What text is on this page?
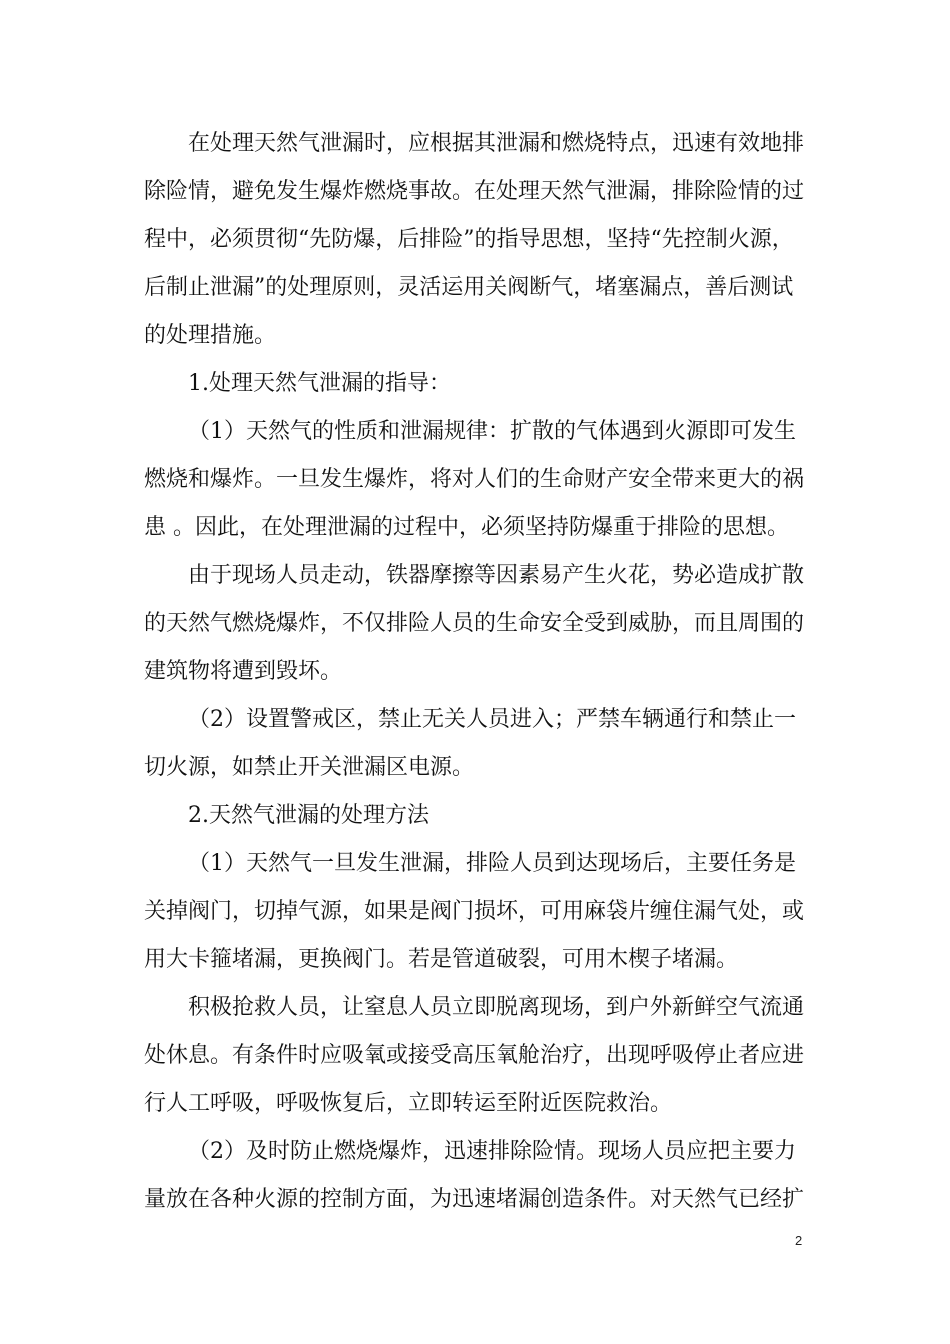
在处理天然气泄漏时，应根据其泄漏和燃烧特点，迅速有效地排
除险情，避免发生爆炸燃烧事故。在处理天然气泄漏，排除险情的过
程中，必须贯彻“先防爆，后排险”的指导思想，坚持“先控制火源，
后制止泄漏”的处理原则，灵活运用关阀断气，堵塞漏点，善后测试
的处理措施。

1.处理天然气泄漏的指导：

（1）天然气的性质和泄漏规律：扩散的气体遇到火源即可发生
燃烧和爆炸。一旦发生爆炸，将对人们的生命财产安全带来更大的祸
患 。因此，在处理泄漏的过程中，必须坚持防爆重于排险的思想。

由于现场人员走动，铁器摩擦等因素易产生火花，势必造成扩散
的天然气燃烧爆炸，不仅排险人员的生命安全受到威胁，而且周围的
建筑物将遭到毁坏。

（2）设置警戒区，禁止无关人员进入；严禁车辆通行和禁止一
切火源，如禁止开关泄漏区电源。

2.天然气泄漏的处理方法

（1）天然气一旦发生泄漏，排险人员到达现场后，主要任务是
关掉阀门，切掉气源，如果是阀门损坏，可用麻袋片缠住漏气处，或
用大卡箍堵漏，更换阀门。若是管道破裂，可用木楔子堵漏。

积极抢救人员，让窒息人员立即脱离现场，到户外新鲜空气流通
处休息。有条件时应吸氧或接受高压氧舱治疗，出现呼吸停止者应进
行人工呼吸，呼吸恢复后，立即转运至附近医院救治。

（2）及时防止燃烧爆炸，迅速排除险情。现场人员应把主要力
量放在各种火源的控制方面，为迅速堵漏创造条件。对天然气已经扩

2
